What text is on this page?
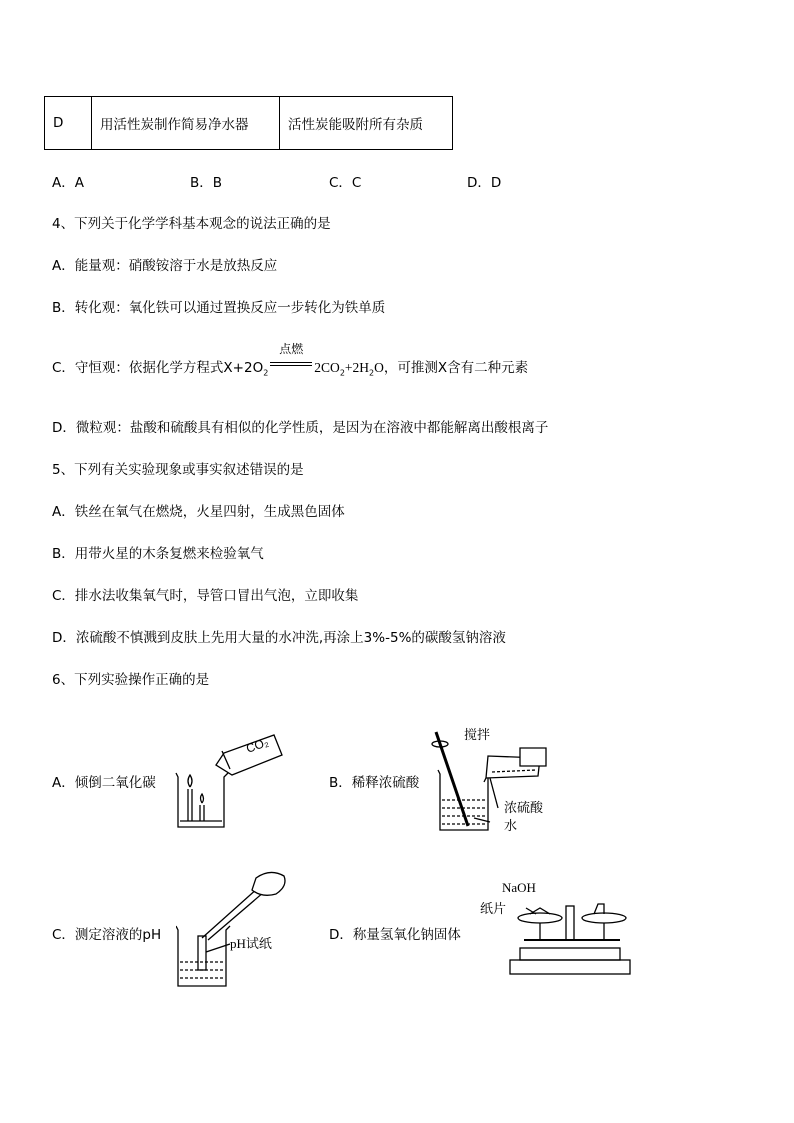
D	用活性炭制作简易净水器	活性炭能吸附所有杂质
A．A	B．B	C．C	D．D
4、下列关于化学学科基本观念的说法正确的是
A．能量观：硝酸铵溶于水是放热反应
B．转化观：氧化铁可以通过置换反应一步转化为铁单质
C．守恒观：依据化学方程式$X+2O_2$
点燃
$2CO_2+2H_2O$，可推测X含有二种元素
D．微粒观：盐酸和硫酸具有相似的化学性质，是因为在溶液中都能解离出酸根离子
5、下列有关实验现象或事实叙述错误的是
A．铁丝在氧气在燃烧，火星四射，生成黑色固体
B．用带火星的木条复燃来检验氧气
C．排水法收集氧气时，导管口冒出气泡，立即收集
D．浓硫酸不慎溅到皮肤上先用大量的水冲洗,再涂上3%-5%的碳酸氢钠溶液
6、下列实验操作正确的是
A．倾倒二氧化碳	B．稀释浓硫酸
C．测定溶液的pH	D．称量氢氧化钠固体
CO₂	搅拌
浓硫酸
水
pH试纸
NaOH
纸片
